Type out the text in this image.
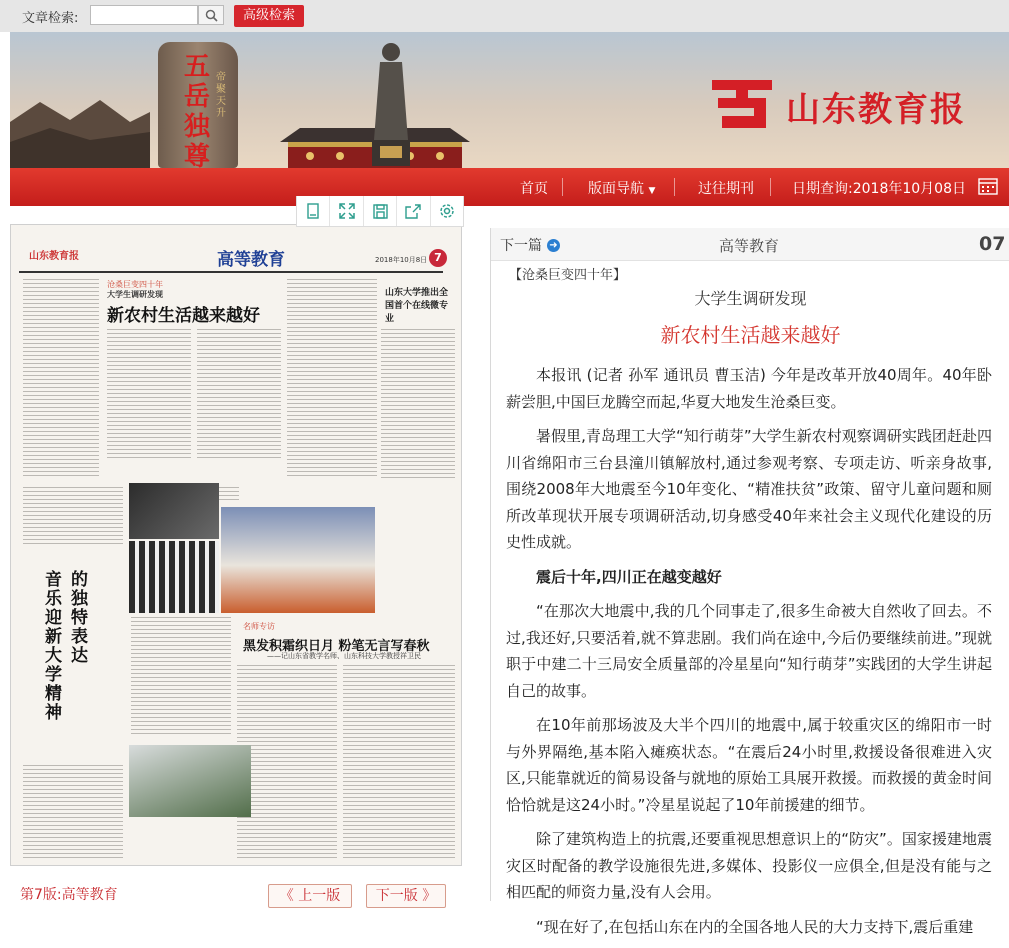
文章检索:	高级检索
五岳独尊
帝聚天升	山东教育报
首页	版面导航 ▼	过往期刊	日期查询:2018年10月08日
山东教育报	高等教育	2018年10月8日 7
沧桑巨变四十年
大学生调研发现
新农村生活越来越好
山东大学推出全国首个在线微专业
音乐迎新大学精神
的独特表达
名师专访
黑发积霜织日月 粉笔无言写春秋
——记山东省教学名师、山东科技大学教授祥卫民
第7版:高等教育	《 上一版	下一版 》
下一篇 ➜	高等教育	07
【沧桑巨变四十年】
大学生调研发现
新农村生活越来越好

本报讯 (记者 孙军 通讯员 曹玉洁) 今年是改革开放40周年。40年卧薪尝胆,中国巨龙腾空而起,华夏大地发生沧桑巨变。

暑假里,青岛理工大学“知行萌芽”大学生新农村观察调研实践团赶赴四川省绵阳市三台县潼川镇解放村,通过参观考察、专项走访、听亲身故事,围绕2008年大地震至今10年变化、“精准扶贫”政策、留守儿童问题和厕所改革现状开展专项调研活动,切身感受40年来社会主义现代化建设的历史性成就。

震后十年,四川正在越变越好

“在那次大地震中,我的几个同事走了,很多生命被大自然收了回去。不过,我还好,只要活着,就不算悲剧。我们尚在途中,今后仍要继续前进。”现就职于中建二十三局安全质量部的冷星星向“知行萌芽”实践团的大学生讲起自己的故事。

在10年前那场波及大半个四川的地震中,属于较重灾区的绵阳市一时与外界隔绝,基本陷入瘫痪状态。“在震后24小时里,救援设备很难进入灾区,只能靠就近的简易设备与就地的原始工具展开救援。而救援的黄金时间恰恰就是这24小时。”冷星星说起了10年前援建的细节。

除了建筑构造上的抗震,还要重视思想意识上的“防灾”。国家援建地震灾区时配备的教学设施很先进,多媒体、投影仪一应俱全,但是没有能与之相匹配的师资力量,没有人会用。

“现在好了,在包括山东在内的全国各地人民的大力支持下,震后重建
